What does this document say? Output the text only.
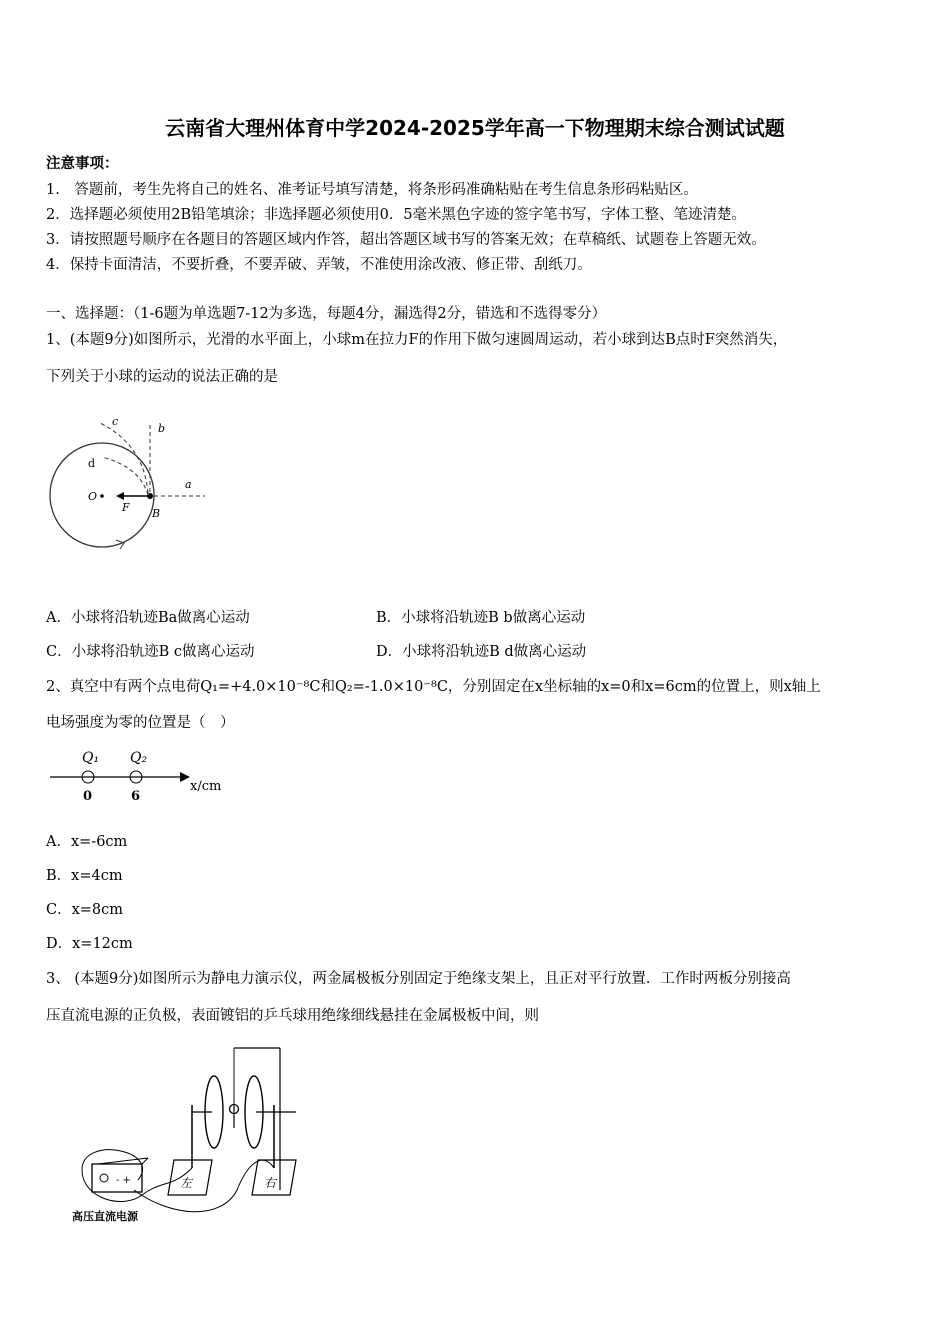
云南省大理州体育中学2024-2025学年高一下物理期末综合测试试题
注意事项：
1.　答题前，考生先将自己的姓名、准考证号填写清楚，将条形码准确粘贴在考生信息条形码粘贴区。
2．选择题必须使用2B铅笔填涂；非选择题必须使用0．5毫米黑色字迹的签字笔书写，字体工整、笔迹清楚。
3．请按照题号顺序在各题目的答题区域内作答，超出答题区域书写的答案无效；在草稿纸、试题卷上答题无效。
4．保持卡面清洁，不要折叠，不要弄破、弄皱，不准使用涂改液、修正带、刮纸刀。
一、选择题：（1-6题为单选题7-12为多选，每题4分，漏选得2分，错选和不选得零分）
1、(本题9分)如图所示，光滑的水平面上，小球m在拉力F的作用下做匀速圆周运动，若小球到达B点时F突然消失，
下列关于小球的运动的说法正确的是
c
b
d
a
O
F B
A．小球将沿轨迹Ba做离心运动	B．小球将沿轨迹B b做离心运动
C．小球将沿轨迹B c做离心运动	D．小球将沿轨迹B d做离心运动
2、真空中有两个点电荷Q₁=+4.0×10⁻⁸C和Q₂=-1.0×10⁻⁸C，分别固定在x坐标轴的x=0和x=6cm的位置上，则x轴上
电场强度为零的位置是（　）
Q₁ Q₂
0	6
x/cm
A．x=-6cm
B．x=4cm
C．x=8cm
D．x=12cm
3、 (本题9分)如图所示为静电力演示仪，两金属极板分别固定于绝缘支架上，且正对平行放置．工作时两板分别接高
压直流电源的正负极，表面镀铝的乒乓球用绝缘细线悬挂在金属极板中间，则
左	右
- +
高压直流电源
